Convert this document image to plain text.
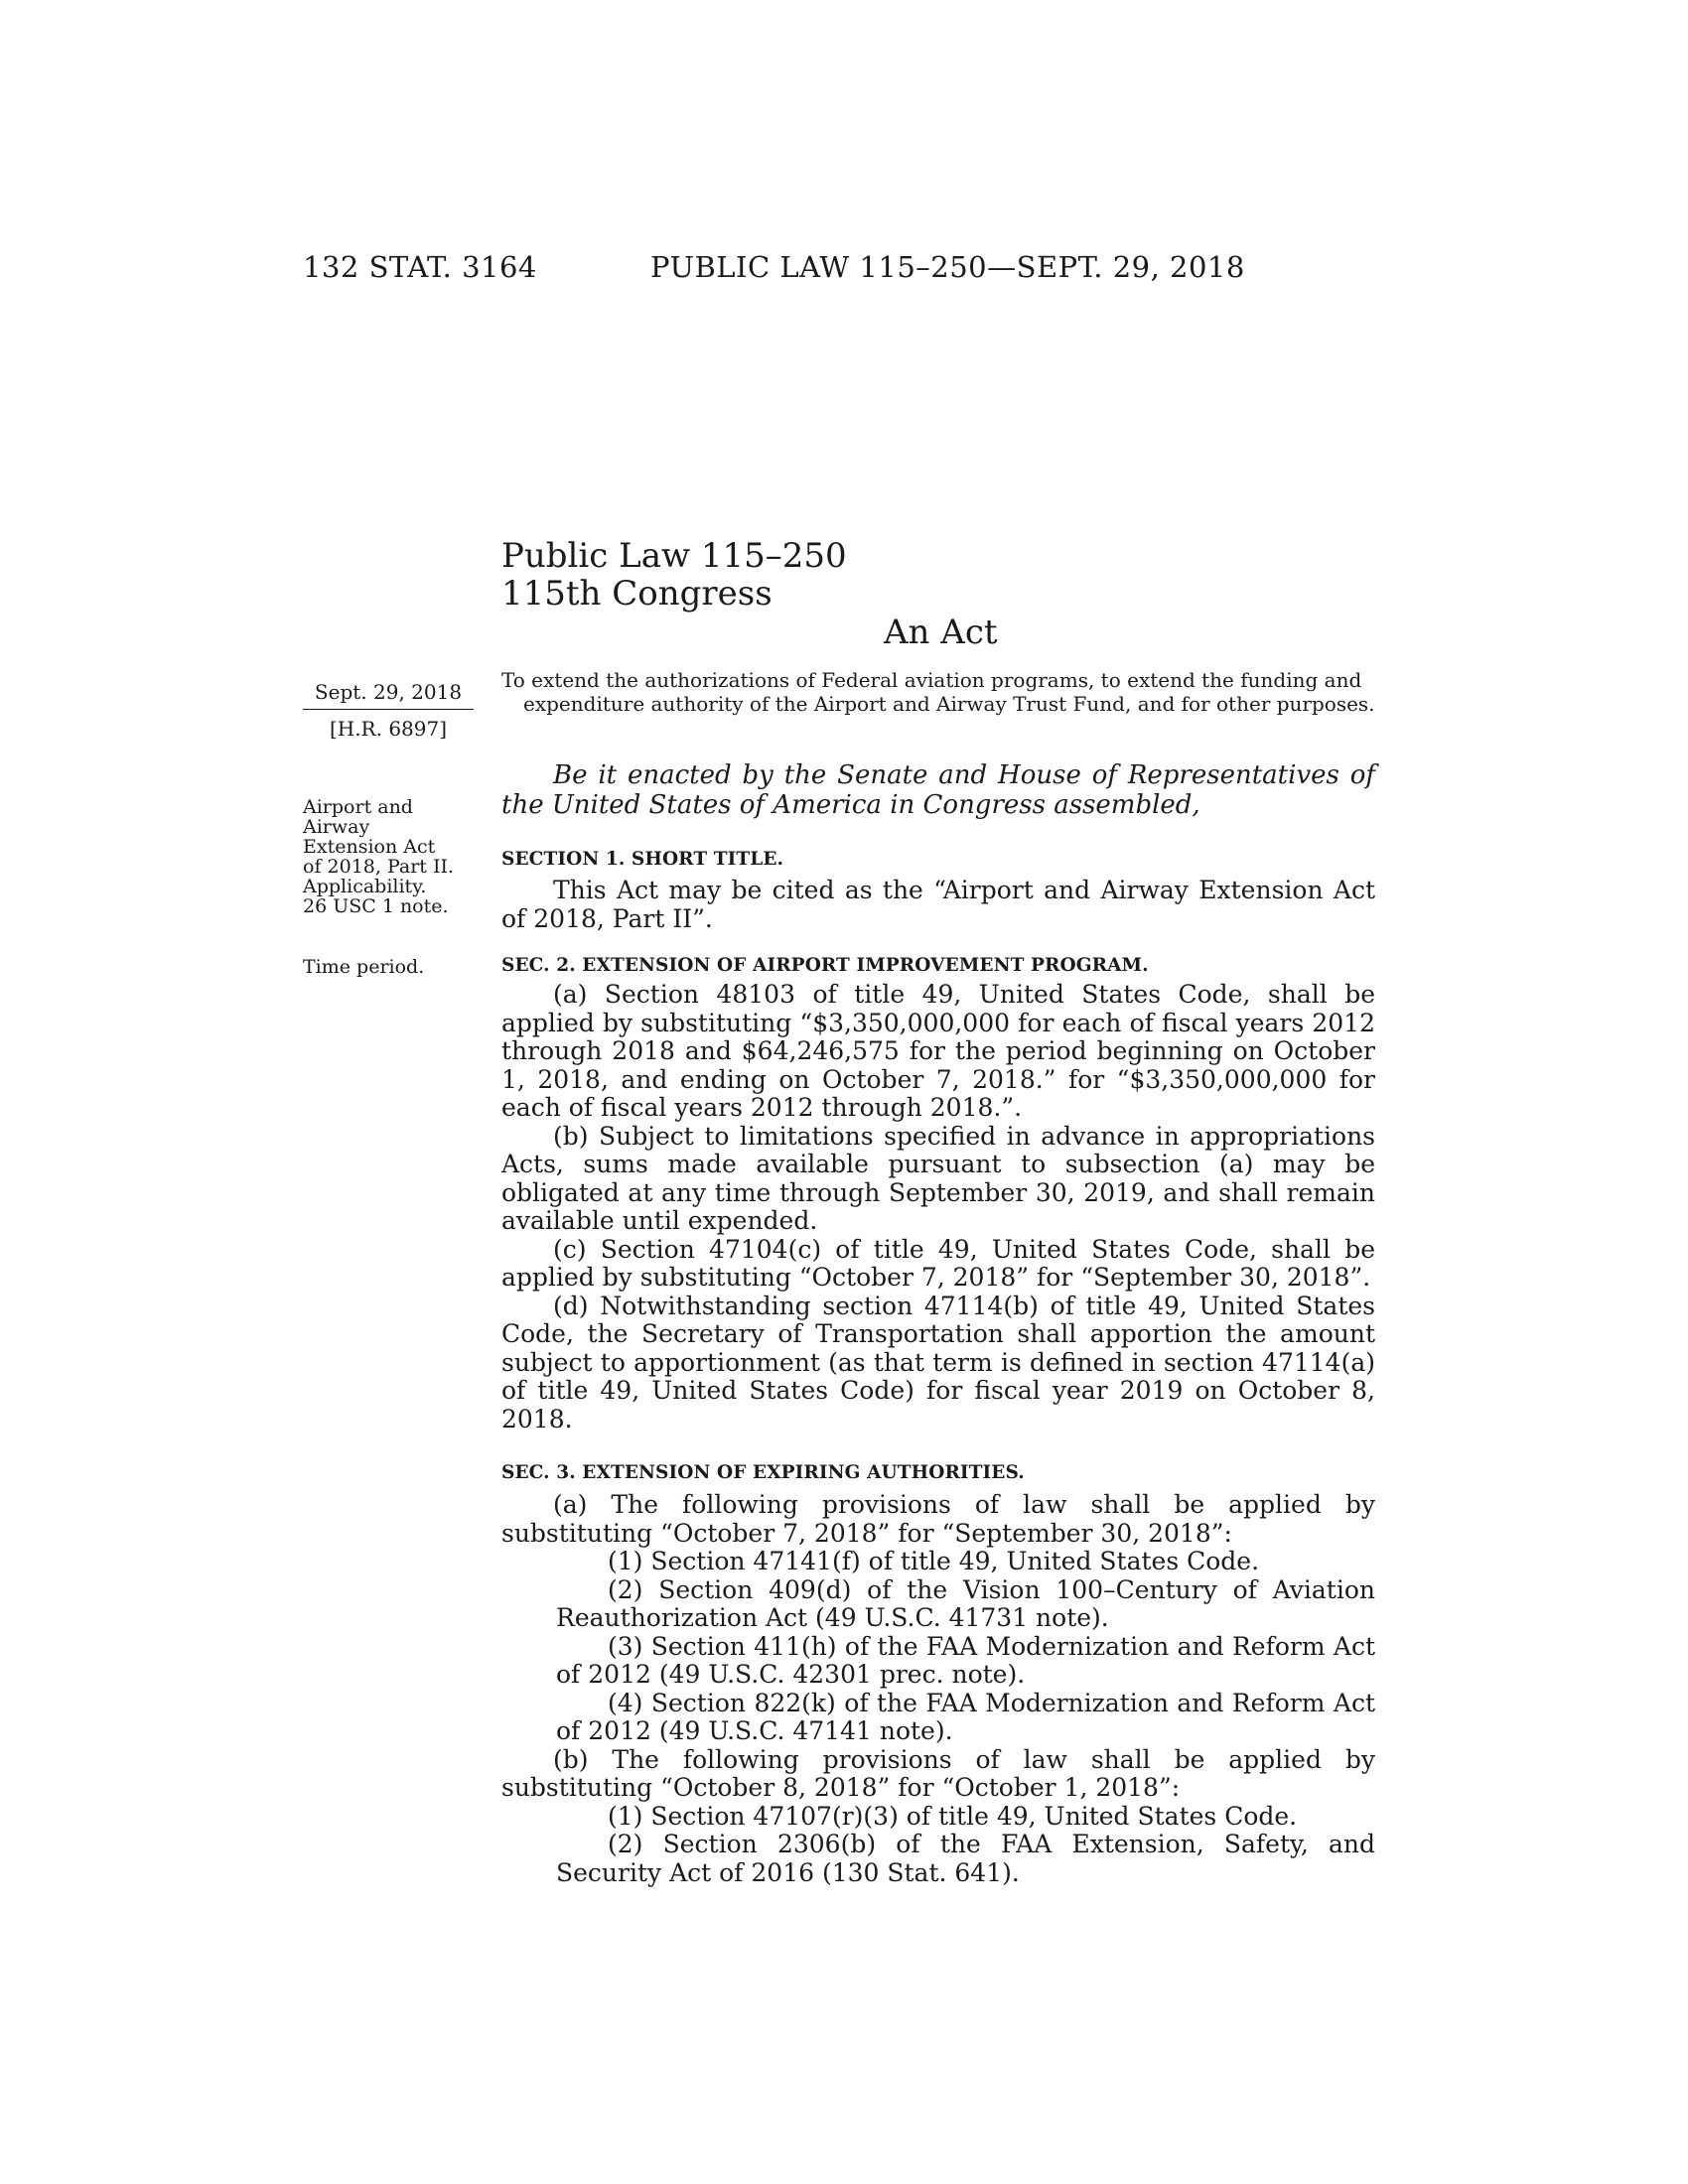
132 STAT. 3164	PUBLIC LAW 115–250—SEPT. 29, 2018
Public Law 115–250
115th Congress
An Act
Sept. 29, 2018
[H.R. 6897]
Airport and
Airway
Extension Act
of 2018, Part II.
Applicability.
26 USC 1 note.
Time period.
To extend the authorizations of Federal aviation programs, to extend the funding and expenditure authority of the Airport and Airway Trust Fund, and for other purposes.

Be it enacted by the Senate and House of Representatives of the United States of America in Congress assembled,

SECTION 1. SHORT TITLE.

This Act may be cited as the “Airport and Airway Extension Act of 2018, Part II”.

SEC. 2. EXTENSION OF AIRPORT IMPROVEMENT PROGRAM.

(a) Section 48103 of title 49, United States Code, shall be applied by substituting “$3,350,000,000 for each of fiscal years 2012 through 2018 and $64,246,575 for the period beginning on October 1, 2018, and ending on October 7, 2018.” for “$3,350,000,000 for each of fiscal years 2012 through 2018.”.

(b) Subject to limitations specified in advance in appropriations Acts, sums made available pursuant to subsection (a) may be obligated at any time through September 30, 2019, and shall remain available until expended.

(c) Section 47104(c) of title 49, United States Code, shall be applied by substituting “October 7, 2018” for “September 30, 2018”.

(d) Notwithstanding section 47114(b) of title 49, United States Code, the Secretary of Transportation shall apportion the amount subject to apportionment (as that term is defined in section 47114(a) of title 49, United States Code) for fiscal year 2019 on October 8, 2018.

SEC. 3. EXTENSION OF EXPIRING AUTHORITIES.

(a) The following provisions of law shall be applied by substituting “October 7, 2018” for “September 30, 2018”:

(1) Section 47141(f) of title 49, United States Code.

(2) Section 409(d) of the Vision 100–Century of Aviation Reauthorization Act (49 U.S.C. 41731 note).

(3) Section 411(h) of the FAA Modernization and Reform Act of 2012 (49 U.S.C. 42301 prec. note).

(4) Section 822(k) of the FAA Modernization and Reform Act of 2012 (49 U.S.C. 47141 note).

(b) The following provisions of law shall be applied by substituting “October 8, 2018” for “October 1, 2018”:

(1) Section 47107(r)(3) of title 49, United States Code.

(2) Section 2306(b) of the FAA Extension, Safety, and Security Act of 2016 (130 Stat. 641).
